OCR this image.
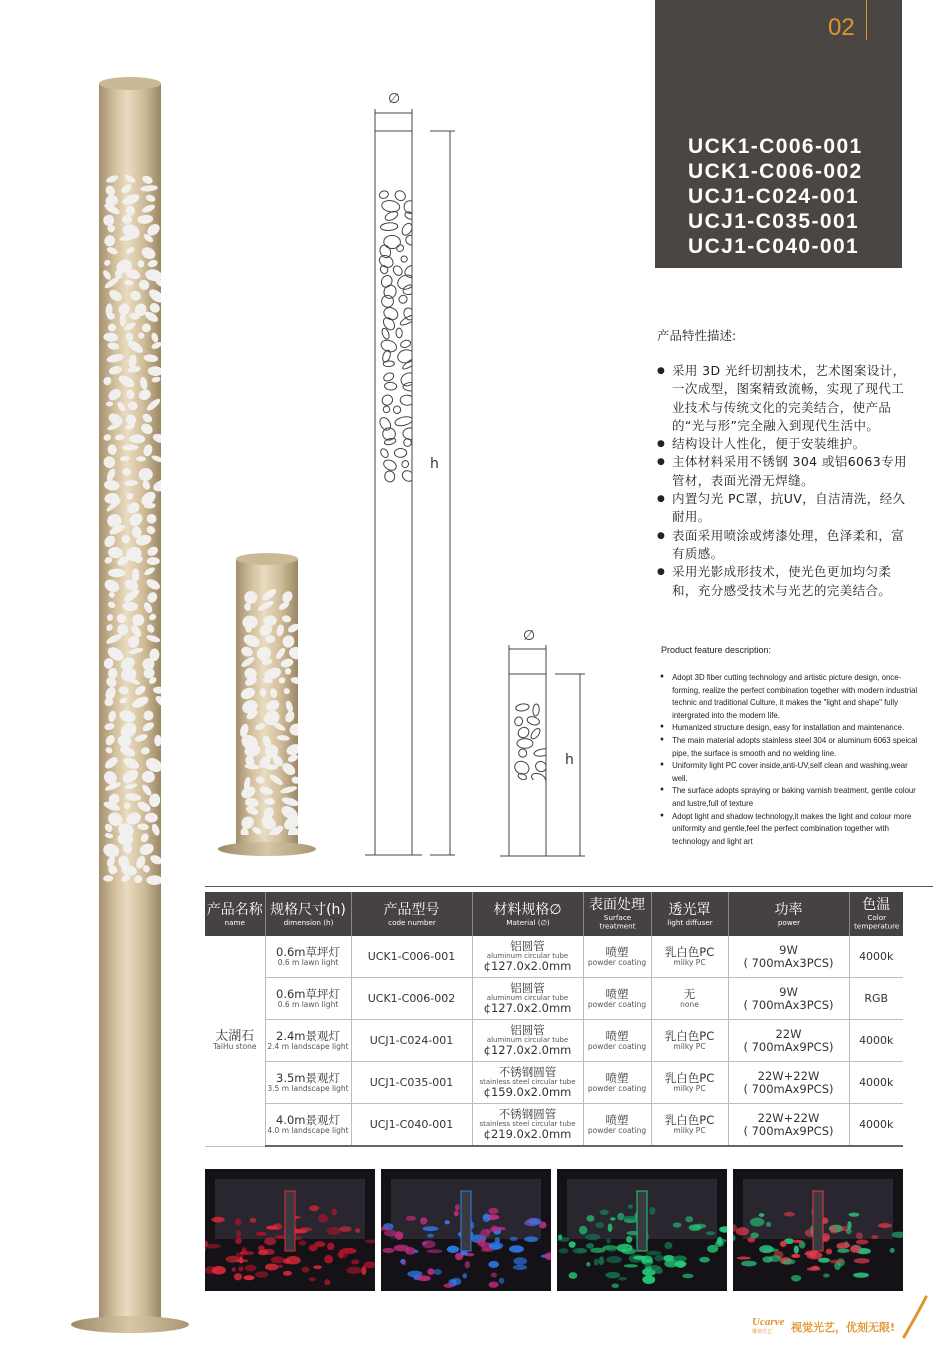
02
UCK1-C006-001
UCK1-C006-002
UCJ1-C024-001
UCJ1-C035-001
UCJ1-C040-001
∅
h
∅
h
产品特性描述:
● 采用 3D 光纤切割技术，艺术图案设计，一次成型，图案精致流畅，实现了现代工业技术与传统文化的完美结合，使产品的“光与形”完全融入到现代生活中。
● 结构设计人性化，便于安装维护。
● 主体材料采用不锈钢 304 或铝6063专用管材，表面光滑无焊缝。
● 内置匀光 PC罩，抗UV，自洁清洗，经久耐用。
● 表面采用喷涂或烤漆处理，色泽柔和，富有质感。
● 采用光影成形技术，使光色更加均匀柔和，充分感受技术与光艺的完美结合。
Product feature description:
● Adopt 3D fiber cutting technology and artistic picture design, once-forming, realize the perfect combination together with modern industrial technic and traditional Culture, it makes the "light and shape" fully intergrated into the modern life.
● Humanized structure design, easy for installation and maintenance.
● The main material adopts stainless steel 304 or aluminum 6063 speical pipe, the surface is smooth and no welding line.
● Uniformity light PC cover inside,anti-UV,self clean and washing,wear well.
● The surface adopts spraying or baking varnish treatment, gentle colour and lustre,full of texture
● Adopt light and shadow technology,it makes the light and colour more uniformity and gentle,feel the perfect combination together with technology and light art
产品名称
name	规格尺寸(h)
dimension (h)	产品型号
code number	材料规格∅
Material (∅)	表面处理
Surface treatment	透光罩
light diffuser	功率
power	色温
Color temperature

太湖石
TaiHu stone	0.6m草坪灯
0.6 m lawn light	UCK1-C006-001	铝圆管
aluminum circular tube
¢127.0x2.0mm	喷塑
powder coating	乳白色PC
milky PC	9W
( 700mAx3PCS)	4000k

	0.6m草坪灯
0.6 m lawn light	UCK1-C006-002	铝圆管
aluminum circular tube
¢127.0x2.0mm	喷塑
powder coating	无
none	9W
( 700mAx3PCS)	RGB

	2.4m景观灯
2.4 m landscape light	UCJ1-C024-001	铝圆管
aluminum circular tube
¢127.0x2.0mm	喷塑
powder coating	乳白色PC
milky PC	22W
( 700mAx9PCS)	4000k

	3.5m景观灯
3.5 m landscape light	UCJ1-C035-001	不锈钢圆管
stainless steel circular tube
¢159.0x2.0mm	喷塑
powder coating	乳白色PC
milky PC	22W+22W
( 700mAx9PCS)	4000k

	4.0m景观灯
4.0 m landscape light	UCJ1-C040-001	不锈钢圆管
stainless steel circular tube
¢219.0x2.0mm	喷塑
powder coating	乳白色PC
milky PC	22W+22W
( 700mAx9PCS)	4000k
Ucarve
雕刻光艺 视觉光艺，优刻无限!
